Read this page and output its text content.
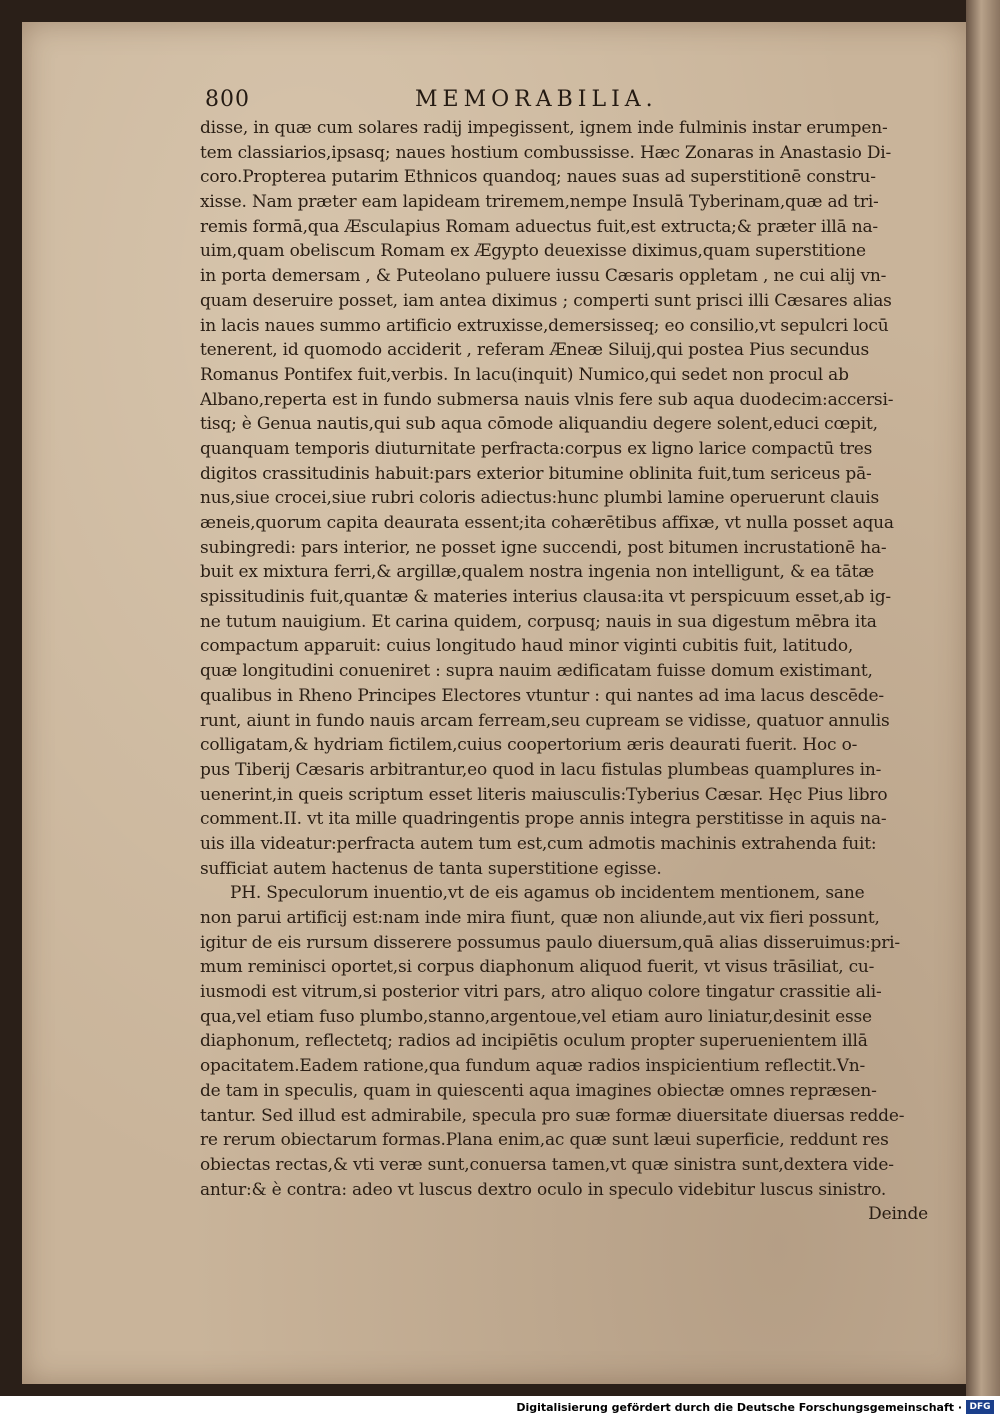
800	MEMORABILIA.
disse, in quæ cum solares radij impegissent, ignem inde fulminis instar erumpen-
tem classiarios,ipsasq; naues hostium combussisse. Hæc Zonaras in Anastasio Di-
coro.Propterea putarim Ethnicos quandoq; naues suas ad superstitionē constru-
xisse. Nam præter eam lapideam triremem,nempe Insulā Tyberinam,quæ ad tri-
remis formā,qua Æsculapius Romam aduectus fuit,est extructa;& præter illā na-
uim,quam obeliscum Romam ex Ægypto deuexisse diximus,quam superstitione
in porta demersam , & Puteolano puluere iussu Cæsaris oppletam , ne cui alij vn-
quam deseruire posset, iam antea diximus ; comperti sunt prisci illi Cæsares alias
in lacis naues summo artificio extruxisse,demersisseq; eo consilio,vt sepulcri locū
tenerent, id quomodo acciderit , referam Æneæ Siluij,qui postea Pius secundus
Romanus Pontifex fuit,verbis. In lacu(inquit) Numico,qui sedet non procul ab
Albano,reperta est in fundo submersa nauis vlnis fere sub aqua duodecim:accersi-
tisq; è Genua nautis,qui sub aqua cōmode aliquandiu degere solent,educi cœpit,
quanquam temporis diuturnitate perfracta:corpus ex ligno larice compactū tres
digitos crassitudinis habuit:pars exterior bitumine oblinita fuit,tum sericeus pā-
nus,siue crocei,siue rubri coloris adiectus:hunc plumbi lamine operuerunt clauis
æneis,quorum capita deaurata essent;ita cohærētibus affixæ, vt nulla posset aqua
subingredi: pars interior, ne posset igne succendi, post bitumen incrustationē ha-
buit ex mixtura ferri,& argillæ,qualem nostra ingenia non intelligunt, & ea tātæ
spissitudinis fuit,quantæ & materies interius clausa:ita vt perspicuum esset,ab ig-
ne tutum nauigium. Et carina quidem, corpusq; nauis in sua digestum mēbra ita
compactum apparuit: cuius longitudo haud minor viginti cubitis fuit, latitudo,
quæ longitudini conueniret : supra nauim ædificatam fuisse domum existimant,
qualibus in Rheno Principes Electores vtuntur : qui nantes ad ima lacus descēde-
runt, aiunt in fundo nauis arcam ferream,seu cupream se vidisse, quatuor annulis
colligatam,& hydriam fictilem,cuius coopertorium æris deaurati fuerit. Hoc o-
pus Tiberij Cæsaris arbitrantur,eo quod in lacu fistulas plumbeas quamplures in-
uenerint,in queis scriptum esset literis maiusculis:Tyberius Cæsar. Hęc Pius libro
comment.II. vt ita mille quadringentis prope annis integra perstitisse in aquis na-
uis illa videatur:perfracta autem tum est,cum admotis machinis extrahenda fuit:
sufficiat autem hactenus de tanta superstitione egisse.
PH. Speculorum inuentio,vt de eis agamus ob incidentem mentionem, sane
non parui artificij est:nam inde mira fiunt, quæ non aliunde,aut vix fieri possunt,
igitur de eis rursum disserere possumus paulo diuersum,quā alias disseruimus:pri-
mum reminisci oportet,si corpus diaphonum aliquod fuerit, vt visus trāsiliat, cu-
iusmodi est vitrum,si posterior vitri pars, atro aliquo colore tingatur crassitie ali-
qua,vel etiam fuso plumbo,stanno,argentoue,vel etiam auro liniatur,desinit esse
diaphonum, reflectetq; radios ad incipiētis oculum propter superuenientem illā
opacitatem.Eadem ratione,qua fundum aquæ radios inspicientium reflectit.Vn-
de tam in speculis, quam in quiescenti aqua imagines obiectæ omnes repræsen-
tantur. Sed illud est admirabile, specula pro suæ formæ diuersitate diuersas redde-
re rerum obiectarum formas.Plana enim,ac quæ sunt læui superficie, reddunt res
obiectas rectas,& vti veræ sunt,conuersa tamen,vt quæ sinistra sunt,dextera vide-
antur:& è contra: adeo vt luscus dextro oculo in speculo videbitur luscus sinistro.
Deinde
Digitalisierung gefördert durch die Deutsche Forschungsgemeinschaft · DFG
